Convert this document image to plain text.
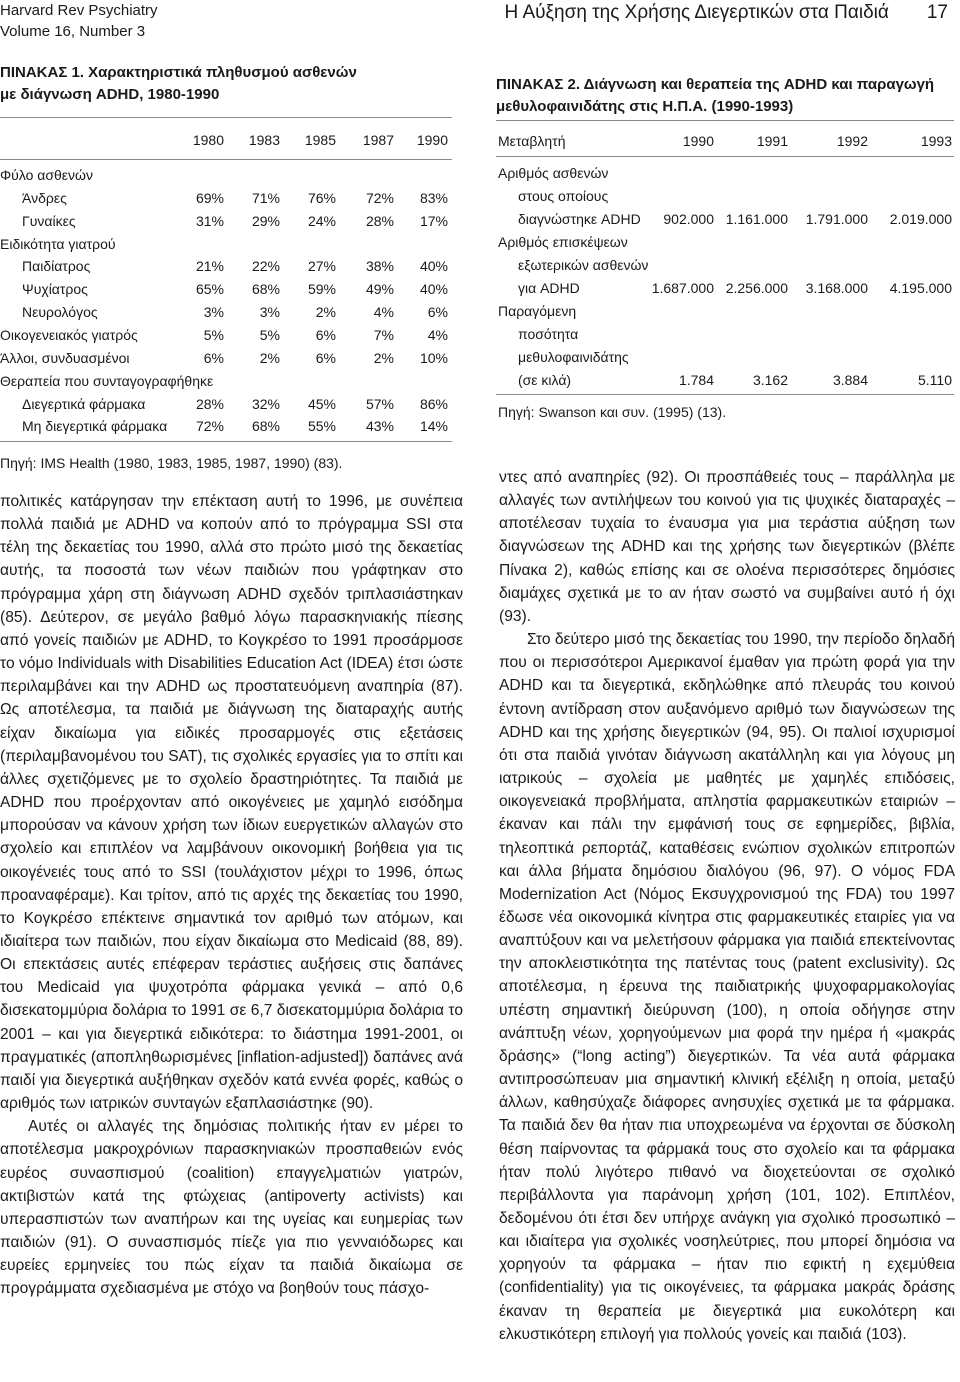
Harvard Rev Psychiatry
Volume 16, Number 3
Η Αύξηση της Χρήσης Διεγερτικών στα Παιδιά 17
ΠΙΝΑΚΑΣ 1. Χαρακτηριστικά πληθυσμού ασθενών
με διάγνωση ADHD, 1980-1990
1980 1983 1985 1987 1990
Φύλο ασθενών
Άνδρες	69% 71% 76% 72% 83%
Γυναίκες	31% 29% 24% 28% 17%
Ειδικότητα γιατρού
Παιδίατρος	21% 22% 27% 38% 40%
Ψυχίατρος	65% 68% 59% 49% 40%
Νευρολόγος	3%	3%	2%	4% 6%
Οικογενειακός γιατρός	5%	5%	6%	7% 4%
Άλλοι, συνδυασμένοι	6%	2%	6%	2% 10%
Θεραπεία που συνταγογραφήθηκε
Διεγερτικά φάρμακα	28% 32% 45% 57% 86%
Μη διεγερτικά φάρμακα 72% 68% 55% 43% 14%
Πηγή: IMS Health (1980, 1983, 1985, 1987, 1990) (83).
ΠΙΝΑΚΑΣ 2. Διάγνωση και θεραπεία της ADHD και παραγωγή
μεθυλοφαινιδάτης στις Η.Π.Α. (1990-1993)
Μεταβλητή	1990	1991	1992	1993
Αριθμός ασθενών
στους οποίους
διαγνώστηκε ADHD 902.000 1.161.000 1.791.000 2.019.000
Αριθμός επισκέψεων
εξωτερικών ασθενών
για ADHD	1.687.000 2.256.000 3.168.000 4.195.000
Παραγόμενη
ποσότητα
μεθυλοφαινιδάτης
(σε κιλά)	1.784	3.162	3.884	5.110
Πηγή: Swanson και συν. (1995) (13).

πολιτικές κατάργησαν την επέκταση αυτή το 1996, με συνέπεια πολλά παιδιά με ADHD να κοπούν από το πρόγραμμα SSI στα τέλη της δεκαετίας του 1990, αλλά στο πρώτο μισό της δεκαετίας αυτής, τα ποσοστά των νέων παιδιών που γράφτηκαν στο πρόγραμμα χάρη στη διάγνωση ADHD σχεδόν τριπλασιάστηκαν (85). Δεύτερον, σε μεγάλο βαθμό λόγω παρασκηνιακής πίεσης από γονείς παιδιών με ADHD, το Κογκρέσο το 1991 προσάρμοσε το νόμο Individuals with Disabilities Education Act (IDEA) έτσι ώστε περιλαμβάνει και την ADHD ως προστατευόμενη αναπηρία (87). Ως αποτέλεσμα, τα παιδιά με διάγνωση της διαταραχής αυτής είχαν δικαίωμα για ειδικές προσαρμογές στις εξετάσεις (περιλαμβανομένου του SAT), τις σχολικές εργασίες για το σπίτι και άλλες σχετιζόμενες με το σχολείο δραστηριότητες. Τα παιδιά με ADHD που προέρχονταν από οικογένειες με χαμηλό εισόδημα μπορούσαν να κάνουν χρήση των ίδιων ευεργετικών αλλαγών στο σχολείο και επιπλέον να λαμβάνουν οικονομική βοήθεια για τις οικογένειές τους από το SSI (τουλάχιστον μέχρι το 1996, όπως προαναφέραμε). Και τρίτον, από τις αρχές της δεκαετίας του 1990, το Κογκρέσο επέκτεινε σημαντικά τον αριθμό των ατόμων, και ιδιαίτερα των παιδιών, που είχαν δικαίωμα στο Medicaid (88, 89). Οι επεκτάσεις αυτές επέφεραν τεράστιες αυξήσεις στις δαπάνες του Medicaid για ψυχοτρόπα φάρμακα γενικά – από 0,6 δισεκατομμύρια δολάρια το 1991 σε 6,7 δισεκατομμύρια δολάρια το 2001 – και για διεγερτικά ειδικότερα: το διάστημα 1991-2001, οι πραγματικές (αποπληθωρισμένες [inflation-adjusted]) δαπάνες ανά παιδί για διεγερτικά αυξήθηκαν σχεδόν κατά εννέα φορές, καθώς ο αριθμός των ιατρικών συνταγών εξαπλασιάστηκε (90).

Αυτές οι αλλαγές της δημόσιας πολιτικής ήταν εν μέρει το αποτέλεσμα μακροχρόνιων παρασκηνιακών προσπαθειών ενός ευρέος συνασπισμού (coalition) επαγγελματιών γιατρών, ακτιβιστών κατά της φτώχειας (antipoverty activists) και υπερασπιστών των αναπήρων και της υγείας και ευημερίας των παιδιών (91). Ο συνασπισμός πίεζε για πιο γενναιόδωρες και ευρείες ερμηνείες του πώς είχαν τα παιδιά δικαίωμα σε προγράμματα σχεδιασμένα με στόχο να βοηθούν τους πάσχο-

ντες από αναπηρίες (92). Οι προσπάθειές τους – παράλληλα με αλλαγές των αντιλήψεων του κοινού για τις ψυχικές διαταραχές – αποτέλεσαν τυχαία το έναυσμα για μια τεράστια αύξηση των διαγνώσεων της ADHD και της χρήσης των διεγερτικών (βλέπε Πίνακα 2), καθώς επίσης και σε ολοένα περισσότερες δημόσιες διαμάχες σχετικά με το αν ήταν σωστό να συμβαίνει αυτό ή όχι (93).

Στο δεύτερο μισό της δεκαετίας του 1990, την περίοδο δηλαδή που οι περισσότεροι Αμερικανοί έμαθαν για πρώτη φορά για την ADHD και τα διεγερτικά, εκδηλώθηκε από πλευράς του κοινού έντονη αντίδραση στον αυξανόμενο αριθμό των διαγνώσεων της ADHD και της χρήσης διεγερτικών (94, 95). Οι παλιοί ισχυρισμοί ότι στα παιδιά γινόταν διάγνωση ακατάλληλη και για λόγους μη ιατρικούς – σχολεία με μαθητές με χαμηλές επιδόσεις, οικογενειακά προβλήματα, απληστία φαρμακευτικών εταιριών – έκαναν και πάλι την εμφάνισή τους σε εφημερίδες, βιβλία, τηλεοπτικά ρεπορτάζ, καταθέσεις ενώπιον σχολικών επιτροπών και άλλα βήματα δημόσιου διαλόγου (96, 97). Ο νόμος FDA Modernization Act (Νόμος Εκσυγχρονισμού της FDA) του 1997 έδωσε νέα οικονομικά κίνητρα στις φαρμακευτικές εταιρίες για να αναπτύξουν και να μελετήσουν φάρμακα για παιδιά επεκτείνοντας την αποκλειστικότητα της πατέντας τους (patent exclusivity). Ως αποτέλεσμα, η έρευνα της παιδιατρικής ψυχοφαρμακολογίας υπέστη σημαντική διεύρυνση (100), η οποία οδήγησε στην ανάπτυξη νέων, χορηγούμενων μια φορά την ημέρα ή «μακράς δράσης» (“long acting”) διεγερτικών. Τα νέα αυτά φάρμακα αντιπροσώπευαν μια σημαντική κλινική εξέλιξη η οποία, μεταξύ άλλων, καθησύχαζε διάφορες ανησυχίες σχετικά με τα φάρμακα. Τα παιδιά δεν θα ήταν πια υποχρεωμένα να έρχονται σε δύσκολη θέση παίρνοντας τα φάρμακά τους στο σχολείο και τα φάρμακα ήταν πολύ λιγότερο πιθανό να διοχετεύονται σε σχολικό περιβάλλοντα για παράνομη χρήση (101, 102). Επιπλέον, δεδομένου ότι έτσι δεν υπήρχε ανάγκη για σχολικό προσωπικό – και ιδιαίτερα για σχολικές νοσηλεύτριες, που μπορεί δημόσια να χορηγούν τα φάρμακα – ήταν πιο εφικτή η εχεμύθεια (confidentiality) για τις οικογένειες, τα φάρμακα μακράς δράσης έκαναν τη θεραπεία με διεγερτικά μια ευκολότερη και ελκυστικότερη επιλογή για πολλούς γονείς και παιδιά (103).
